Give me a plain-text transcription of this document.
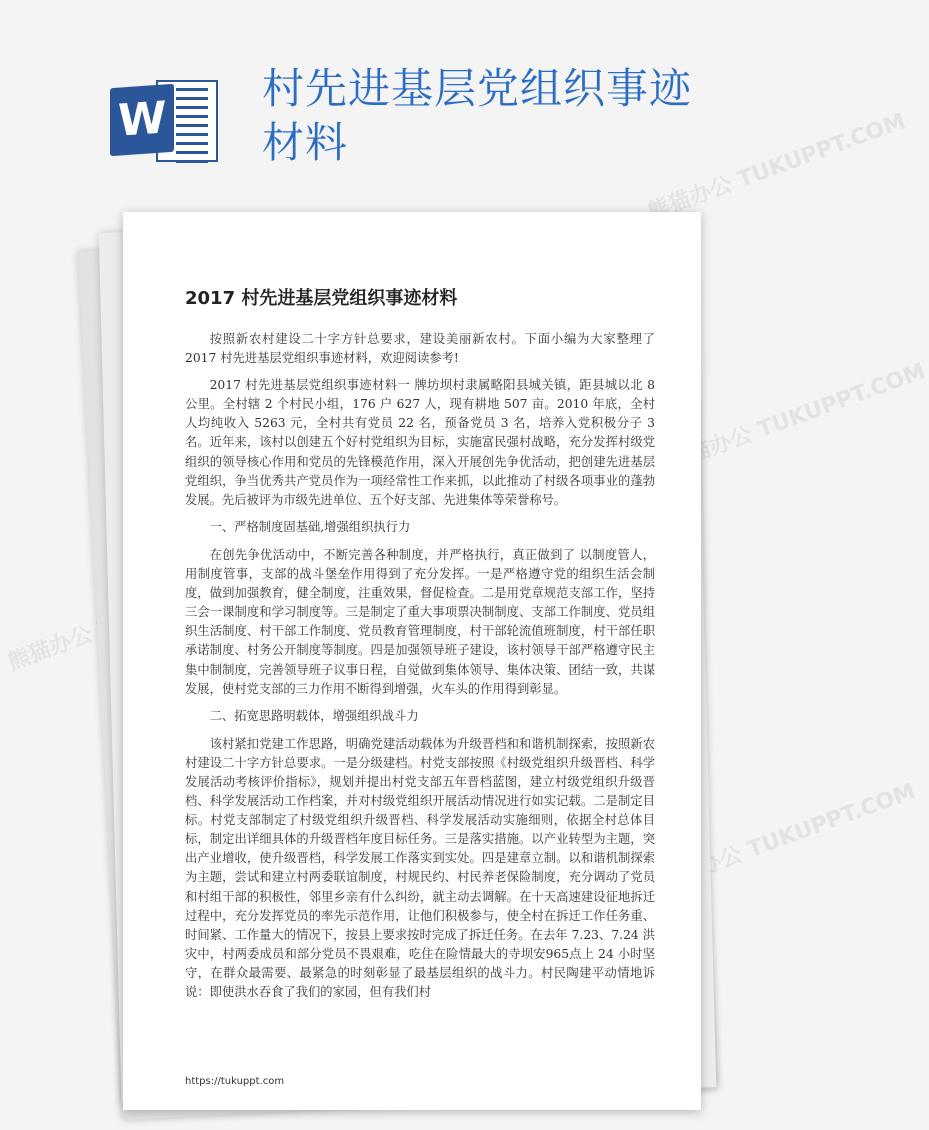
W
村先进基层党组织事迹材料	熊猫办公 TUKUPPT.COM
熊猫办公 TUKUPPT.COM
熊猫办公
熊猫办公 TUKUPPT.COM
2017 村先进基层党组织事迹材料

按照新农村建设二十字方针总要求，建设美丽新农村。下面小编为大家整理了 2017 村先进基层党组织事迹材料，欢迎阅读参考!

2017 村先进基层党组织事迹材料一 牌坊坝村隶属略阳县城关镇，距县城以北 8 公里。全村辖 2 个村民小组，176 户 627 人，现有耕地 507 亩。2010 年底，全村人均纯收入 5263 元，全村共有党员 22 名，预备党员 3 名，培养入党积极分子 3 名。近年来，该村以创建五个好村党组织为目标，实施富民强村战略，充分发挥村级党组织的领导核心作用和党员的先锋模范作用，深入开展创先争优活动，把创建先进基层党组织，争当优秀共产党员作为一项经常性工作来抓，以此推动了村级各项事业的蓬勃发展。先后被评为市级先进单位、五个好支部、先进集体等荣誉称号。

一、严格制度固基础,增强组织执行力

在创先争优活动中，不断完善各种制度，并严格执行，真正做到了 以制度管人，用制度管事，支部的战斗堡垒作用得到了充分发挥。一是严格遵守党的组织生活会制度，做到加强教育，健全制度，注重效果，督促检查。二是用党章规范支部工作，坚持三会一课制度和学习制度等。三是制定了重大事项票决制制度、支部工作制度、党员组织生活制度、村干部工作制度、党员教育管理制度，村干部轮流值班制度，村干部任职承诺制度、村务公开制度等制度。四是加强领导班子建设，该村领导干部严格遵守民主集中制制度，完善领导班子议事日程，自觉做到集体领导、集体决策、团结一致，共谋发展，使村党支部的三力作用不断得到增强，火车头的作用得到彰显。

二、拓宽思路明载体，增强组织战斗力

该村紧扣党建工作思路，明确党建活动载体为升级晋档和和谐机制探索，按照新农村建设二十字方针总要求。一是分级建档。村党支部按照《村级党组织升级晋档、科学发展活动考核评价指标》，规划并提出村党支部五年晋档蓝图，建立村级党组织升级晋档、科学发展活动工作档案，并对村级党组织开展活动情况进行如实记载。二是制定目标。村党支部制定了村级党组织升级晋档、科学发展活动实施细则，依据全村总体目标，制定出详细具体的升级晋档年度目标任务。三是落实措施。以产业转型为主题，突出产业增收，使升级晋档，科学发展工作落实到实处。四是建章立制。以和谐机制探索为主题，尝试和建立村两委联谊制度，村规民约、村民养老保险制度，充分调动了党员和村组干部的积极性，邻里乡亲有什么纠纷，就主动去调解。在十天高速建设征地拆迁过程中，充分发挥党员的率先示范作用，让他们积极参与，使全村在拆迁工作任务重、时间紧、工作量大的情况下，按县上要求按时完成了拆迁任务。在去年 7.23、7.24 洪灾中，村两委成员和部分党员不畏艰难，吃住在险情最大的寺坝安965点上 24 小时坚守，在群众最需要、最紧急的时刻彰显了最基层组织的战斗力。村民陶建平动情地诉说：即使洪水吞食了我们的家园，但有我们村

https://tukuppt.com
